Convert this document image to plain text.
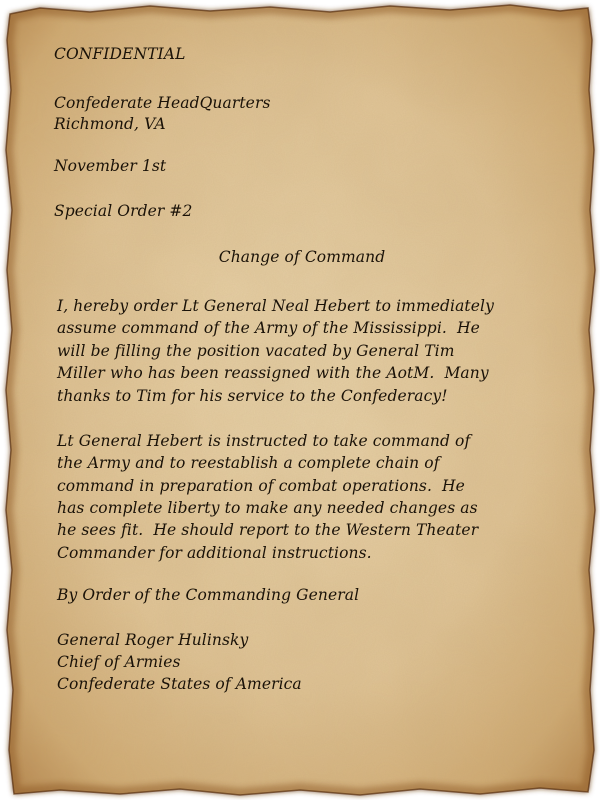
CONFIDENTIAL
Confederate HeadQuarters
Richmond, VA
November 1st
Special Order #2
Change of Command
I, hereby order Lt General Neal Hebert to immediately
assume command of the Army of the Mississippi.  He
will be filling the position vacated by General Tim
Miller who has been reassigned with the AotM.  Many
thanks to Tim for his service to the Confederacy!
Lt General Hebert is instructed to take command of
the Army and to reestablish a complete chain of
command in preparation of combat operations.  He
has complete liberty to make any needed changes as
he sees fit.  He should report to the Western Theater
Commander for additional instructions.
By Order of the Commanding General
General Roger Hulinsky
Chief of Armies
Confederate States of America
